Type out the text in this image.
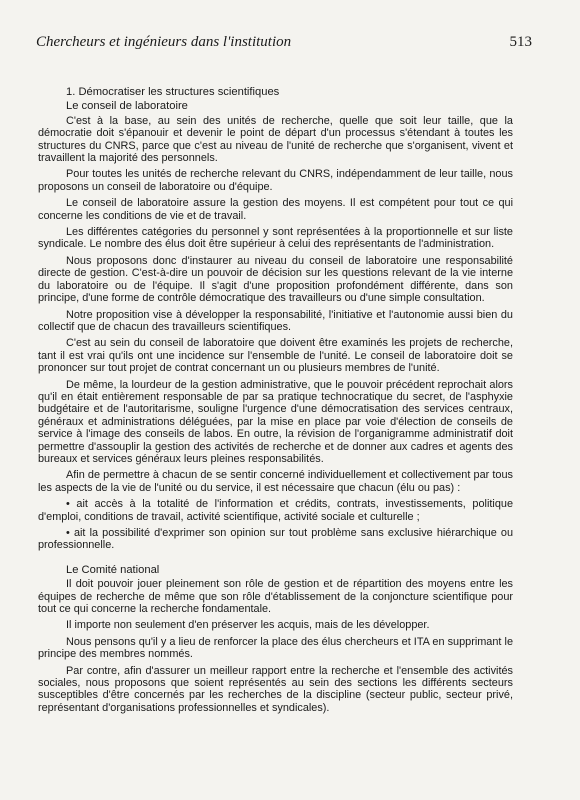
Chercheurs et ingénieurs dans l'institution	513
1. Démocratiser les structures scientifiques
Le conseil de laboratoire

C'est à la base, au sein des unités de recherche, quelle que soit leur taille, que la démocratie doit s'épanouir et devenir le point de départ d'un processus s'étendant à toutes les structures du CNRS, parce que c'est au niveau de l'unité de recherche que s'organisent, vivent et travaillent la majorité des personnels.

Pour toutes les unités de recherche relevant du CNRS, indépendamment de leur taille, nous proposons un conseil de laboratoire ou d'équipe.

Le conseil de laboratoire assure la gestion des moyens. Il est compétent pour tout ce qui concerne les conditions de vie et de travail.

Les différentes catégories du personnel y sont représentées à la proportionnelle et sur liste syndicale. Le nombre des élus doit être supérieur à celui des représentants de l'administration.

Nous proposons donc d'instaurer au niveau du conseil de laboratoire une responsabilité directe de gestion. C'est-à-dire un pouvoir de décision sur les questions relevant de la vie interne du laboratoire ou de l'équipe. Il s'agit d'une proposition profondément différente, dans son principe, d'une forme de contrôle démocratique des travailleurs ou d'une simple consultation.

Notre proposition vise à développer la responsabilité, l'initiative et l'autonomie aussi bien du collectif que de chacun des travailleurs scientifiques.

C'est au sein du conseil de laboratoire que doivent être examinés les projets de recherche, tant il est vrai qu'ils ont une incidence sur l'ensemble de l'unité. Le conseil de laboratoire doit se prononcer sur tout projet de contrat concernant un ou plusieurs membres de l'unité.

De même, la lourdeur de la gestion administrative, que le pouvoir précédent reprochait alors qu'il en était entièrement responsable de par sa pratique technocratique du secret, de l'asphyxie budgétaire et de l'autoritarisme, souligne l'urgence d'une démocratisation des services centraux, généraux et administrations déléguées, par la mise en place par voie d'élection de conseils de service à l'image des conseils de labos. En outre, la révision de l'organigramme administratif doit permettre d'assouplir la gestion des activités de recherche et de donner aux cadres et agents des bureaux et services généraux leurs pleines responsabilités.

Afin de permettre à chacun de se sentir concerné individuellement et collectivement par tous les aspects de la vie de l'unité ou du service, il est nécessaire que chacun (élu ou pas) :

• ait accès à la totalité de l'information et crédits, contrats, investissements, politique d'emploi, conditions de travail, activité scientifique, activité sociale et culturelle ;

• ait la possibilité d'exprimer son opinion sur tout problème sans exclusive hiérarchique ou professionnelle.

Le Comité national

Il doit pouvoir jouer pleinement son rôle de gestion et de répartition des moyens entre les équipes de recherche de même que son rôle d'établissement de la conjoncture scientifique pour tout ce qui concerne la recherche fondamentale.

Il importe non seulement d'en préserver les acquis, mais de les développer.

Nous pensons qu'il y a lieu de renforcer la place des élus chercheurs et ITA en supprimant le principe des membres nommés.

Par contre, afin d'assurer un meilleur rapport entre la recherche et l'ensemble des activités sociales, nous proposons que soient représentés au sein des sections les différents secteurs susceptibles d'être concernés par les recherches de la discipline (secteur public, secteur privé, représentant d'organisations professionnelles et syndicales).
